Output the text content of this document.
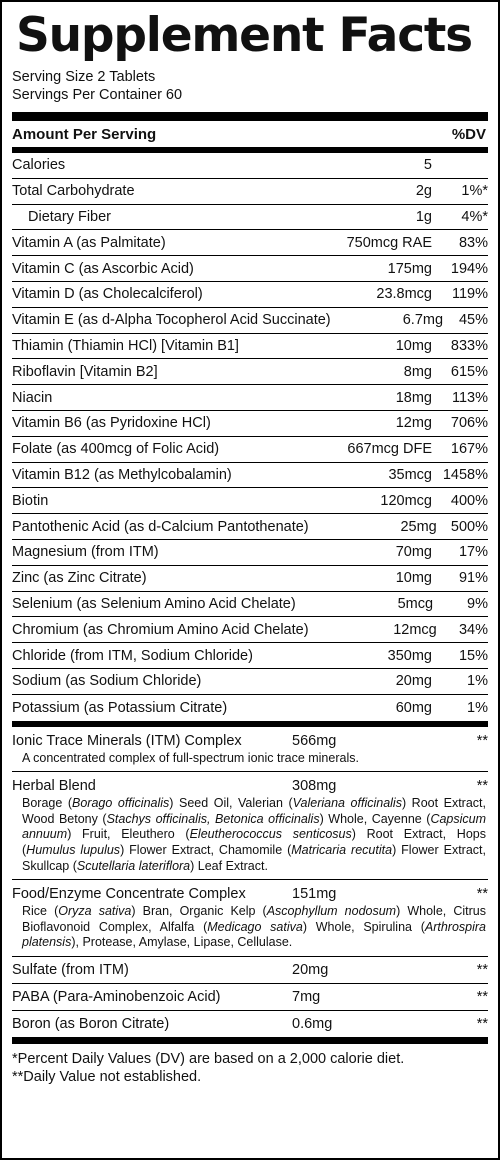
Supplement Facts
Serving Size 2 Tablets
Servings Per Container 60
Amount Per Serving	%DV
Calories	5
Total Carbohydrate	2g	1%*
Dietary Fiber	1g	4%*
Vitamin A (as Palmitate)	750mcg RAE	83%
Vitamin C (as Ascorbic Acid)	175mg	194%
Vitamin D (as Cholecalciferol)	23.8mcg	119%
Vitamin E (as d-Alpha Tocopherol Acid Succinate)	6.7mg	45%
Thiamin (Thiamin HCl) [Vitamin B1]	10mg	833%
Riboflavin [Vitamin B2]	8mg	615%
Niacin	18mg	113%
Vitamin B6 (as Pyridoxine HCl)	12mg	706%
Folate (as 400mcg of Folic Acid)	667mcg DFE	167%
Vitamin B12 (as Methylcobalamin)	35mcg 1458%
Biotin	120mcg	400%
Pantothenic Acid (as d-Calcium Pantothenate)	25mg 500%
Magnesium (from ITM)	70mg	17%
Zinc (as Zinc Citrate)	10mg	91%
Selenium (as Selenium Amino Acid Chelate)	5mcg	9%
Chromium (as Chromium Amino Acid Chelate)	12mcg	34%
Chloride (from ITM, Sodium Chloride)	350mg	15%
Sodium (as Sodium Chloride)	20mg	1%
Potassium (as Potassium Citrate)	60mg	1%
Ionic Trace Minerals (ITM) Complex	566mg	**
A concentrated complex of full-spectrum ionic trace minerals.
Herbal Blend	308mg	**
Borage (Borago officinalis) Seed Oil, Valerian (Valeriana officinalis) Root Extract, Wood Betony (Stachys officinalis, Betonica officinalis) Whole, Cayenne (Capsicum annuum) Fruit, Eleuthero (Eleutherococcus senticosus) Root Extract, Hops (Humulus lupulus) Flower Extract, Chamomile (Matricaria recutita) Flower Extract, Skullcap (Scutellaria lateriflora) Leaf Extract.
Food/Enzyme Concentrate Complex	151mg	**
Rice (Oryza sativa) Bran, Organic Kelp (Ascophyllum nodosum) Whole, Citrus Bioflavonoid Complex, Alfalfa (Medicago sativa) Whole, Spirulina (Arthrospira platensis), Protease, Amylase, Lipase, Cellulase.
Sulfate (from ITM)	20mg	**
PABA (Para-Aminobenzoic Acid)	7mg	**
Boron (as Boron Citrate)	0.6mg	**
*Percent Daily Values (DV) are based on a 2,000 calorie diet.
**Daily Value not established.
